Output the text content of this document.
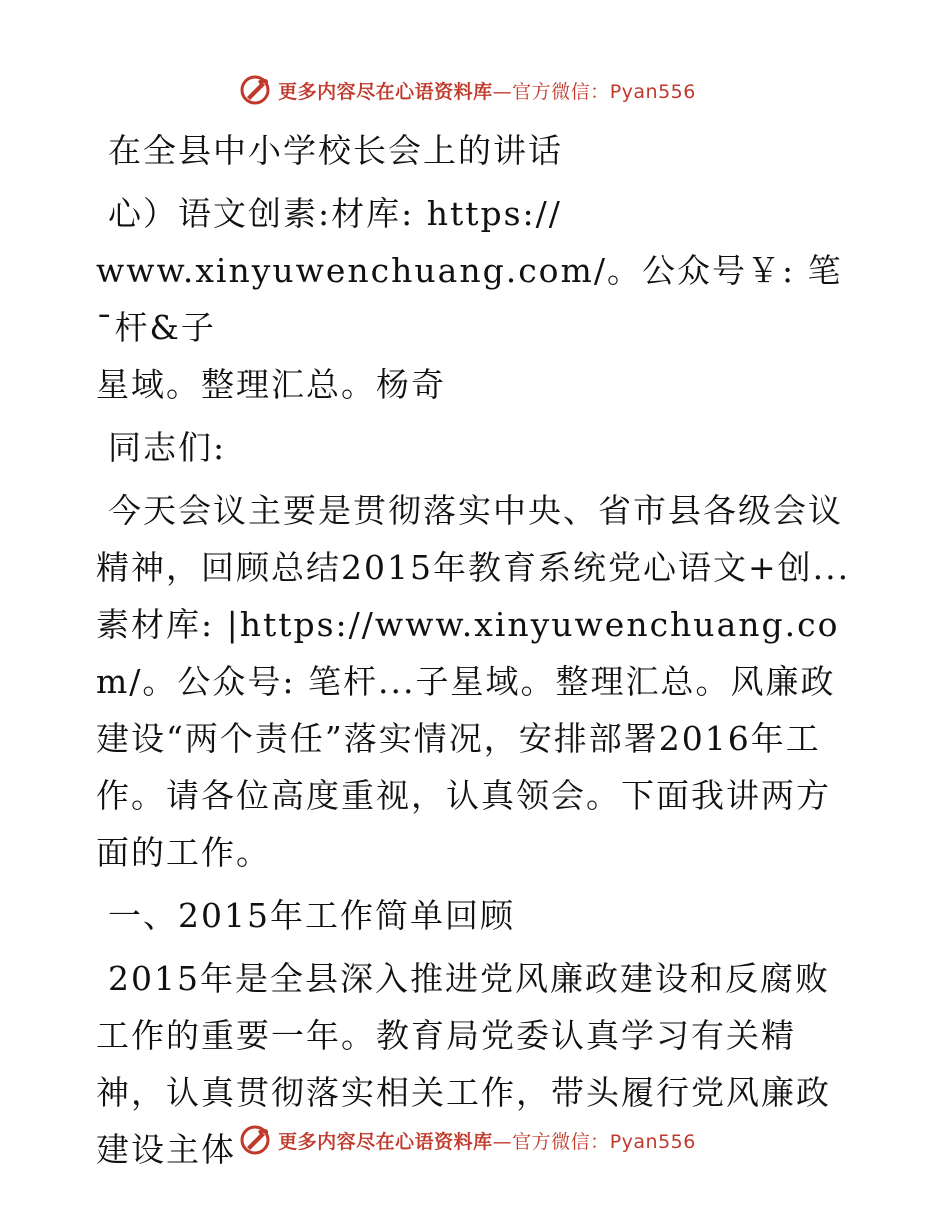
更多内容尽在心语资料库—官方微信：Pyan556

在全县中小学校长会上的讲话

心）语文创素:材库: https://

www.xinyuwenchuang.com/。公众号￥: 笔¯杆&子

星域。整理汇总。杨奇

同志们:

今天会议主要是贯彻落实中央、省市县各级会议精神，回顾总结2015年教育系统党心语文+创...素材库: |https://www.xinyuwenchuang.com/。公众号: 笔杆...子星域。整理汇总。风廉政建设“两个责任”落实情况，安排部署2016年工作。请各位高度重视，认真领会。下面我讲两方面的工作。

一、2015年工作简单回顾

2015年是全县深入推进党风廉政建设和反腐败工作的重要一年。教育局党委认真学习有关精神，认真贯彻落实相关工作，带头履行党风廉政建设主体	更多内容尽在心语资料库—官方微信：Pyan556
